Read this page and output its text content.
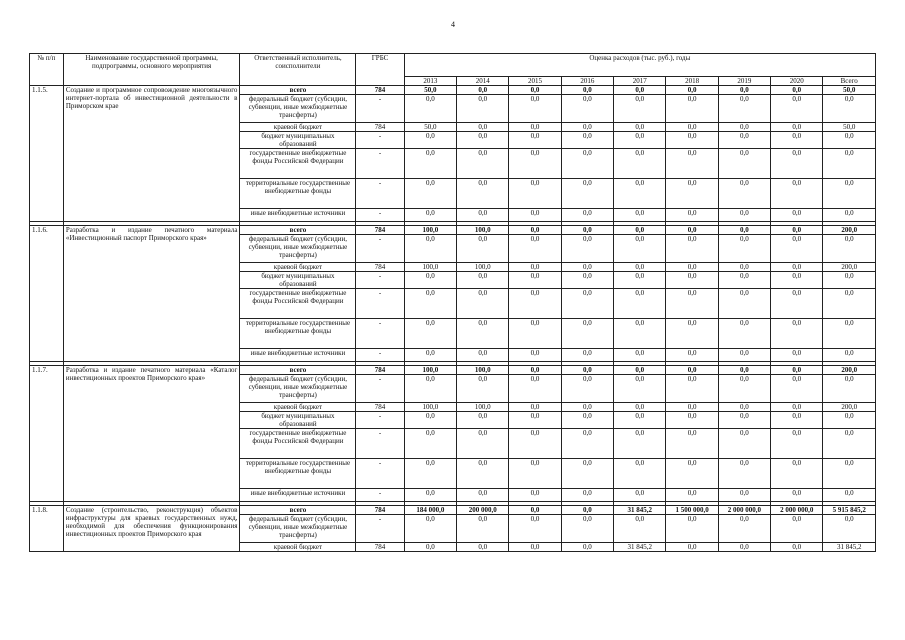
4
№ п/п	Наименование государственной программы, подпрограммы, основного мероприятия	Ответственный исполнитель, соисполнители	ГРБС	Оценка расходов (тыс. руб.), годы								
				2013	2014	2015	2016	2017	2018	2019	2020	Всего
1.1.5.	Создание и программное сопровождение многоязычного интернет-портала об инвестиционной деятельности в Приморском крае	всего	784	50,0	0,0	0,0	0,0	0,0	0,0	0,0	0,0	50,0
		федеральный бюджет (субсидии, субвенции, иные межбюджетные трансферты)	-	0,0	0,0	0,0	0,0	0,0	0,0	0,0	0,0	0,0
		краевой бюджет	784	50,0	0,0	0,0	0,0	0,0	0,0	0,0	0,0	50,0
		бюджет муниципальных образований	-	0,0	0,0	0,0	0,0	0,0	0,0	0,0	0,0	0,0
		государственные внебюджетные фонды Российской Федерации	-	0,0	0,0	0,0	0,0	0,0	0,0	0,0	0,0	0,0
		территориальные государственные внебюджетные фонды	-	0,0	0,0	0,0	0,0	0,0	0,0	0,0	0,0	0,0
		иные внебюджетные источники	-	0,0	0,0	0,0	0,0	0,0	0,0	0,0	0,0	0,0

1.1.6.	Разработка и издание печатного материала «Инвестиционный паспорт Приморского края»	всего	784	100,0	100,0	0,0	0,0	0,0	0,0	0,0	0,0	200,0
		федеральный бюджет (субсидии, субвенции, иные межбюджетные трансферты)	-	0,0	0,0	0,0	0,0	0,0	0,0	0,0	0,0	0,0
		краевой бюджет	784	100,0	100,0	0,0	0,0	0,0	0,0	0,0	0,0	200,0
		бюджет муниципальных образований	-	0,0	0,0	0,0	0,0	0,0	0,0	0,0	0,0	0,0
		государственные внебюджетные фонды Российской Федерации	-	0,0	0,0	0,0	0,0	0,0	0,0	0,0	0,0	0,0
		территориальные государственные внебюджетные фонды	-	0,0	0,0	0,0	0,0	0,0	0,0	0,0	0,0	0,0
		иные внебюджетные источники	-	0,0	0,0	0,0	0,0	0,0	0,0	0,0	0,0	0,0

1.1.7.	Разработка и издание печатного материала «Каталог инвестиционных проектов Приморского края»	всего	784	100,0	100,0	0,0	0,0	0,0	0,0	0,0	0,0	200,0
		федеральный бюджет (субсидии, субвенции, иные межбюджетные трансферты)	-	0,0	0,0	0,0	0,0	0,0	0,0	0,0	0,0	0,0
		краевой бюджет	784	100,0	100,0	0,0	0,0	0,0	0,0	0,0	0,0	200,0
		бюджет муниципальных образований	-	0,0	0,0	0,0	0,0	0,0	0,0	0,0	0,0	0,0
		государственные внебюджетные фонды Российской Федерации	-	0,0	0,0	0,0	0,0	0,0	0,0	0,0	0,0	0,0
		территориальные государственные внебюджетные фонды	-	0,0	0,0	0,0	0,0	0,0	0,0	0,0	0,0	0,0
		иные внебюджетные источники	-	0,0	0,0	0,0	0,0	0,0	0,0	0,0	0,0	0,0

1.1.8.	Создание (строительство, реконструкция) объектов инфраструктуры для краевых государственных нужд, необходимой для обеспечения функционирования инвестиционных проектов Приморского края	всего	784	184 000,0	200 000,0	0,0	0,0	31 845,2	1 500 000,0	2 000 000,0	2 000 000,0	5 915 845,2
		федеральный бюджет (субсидии, субвенции, иные межбюджетные трансферты)	-	0,0	0,0	0,0	0,0	0,0	0,0	0,0	0,0	0,0
		краевой бюджет	784	0,0	0,0	0,0	0,0	31 845,2	0,0	0,0	0,0	31 845,2
